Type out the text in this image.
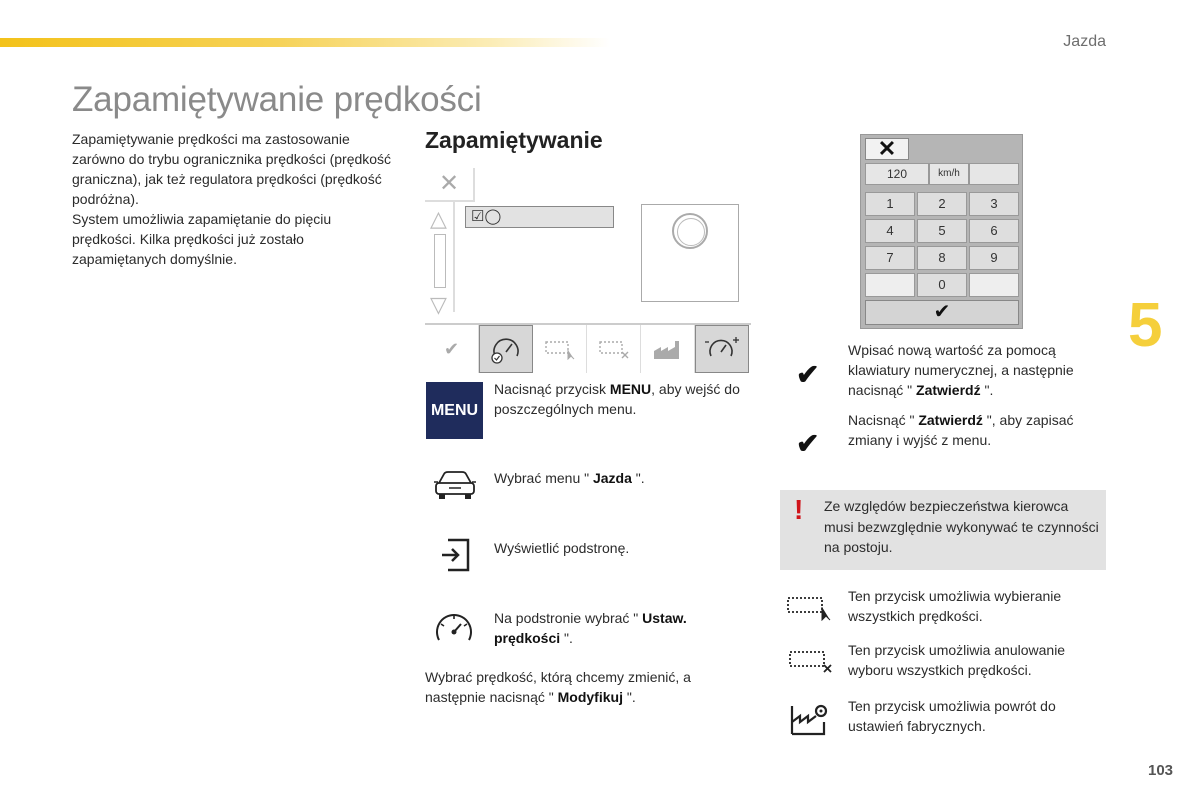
Jazda
Zapamiętywanie prędkości

Zapamiętywanie prędkości ma zastosowanie zarówno do trybu ogranicznika prędkości (prędkość graniczna), jak też regulatora prędkości (prędkość podróżna).

System umożliwia zapamiętanie do pięciu prędkości. Kilka prędkości już zostało zapamiętanych domyślnie.

Zapamiętywanie
✕
△
▽
☑◯
✔
✕
120	km/h
1	2	3
4	5	6
7	8	9
0
✔
MENU
Nacisnąć przycisk MENU, aby wejść do poszczególnych menu.
Wybrać menu " Jazda ".
Wyświetlić podstronę.
Na podstronie wybrać " Ustaw. prędkości ".
Wybrać prędkość, którą chcemy zmienić, a następnie nacisnąć " Modyfikuj ".
✔
Wpisać nową wartość za pomocą klawiatury numerycznej, a następnie nacisnąć " Zatwierdź ".
✔
Nacisnąć " Zatwierdź ", aby zapisać zmiany i wyjść z menu.
! Ze względów bezpieczeństwa kierowca musi bezwzględnie wykonywać te czynności na postoju.
Ten przycisk umożliwia wybieranie wszystkich prędkości.
Ten przycisk umożliwia anulowanie wyboru wszystkich prędkości.
Ten przycisk umożliwia powrót do ustawień fabrycznych.
5
103
